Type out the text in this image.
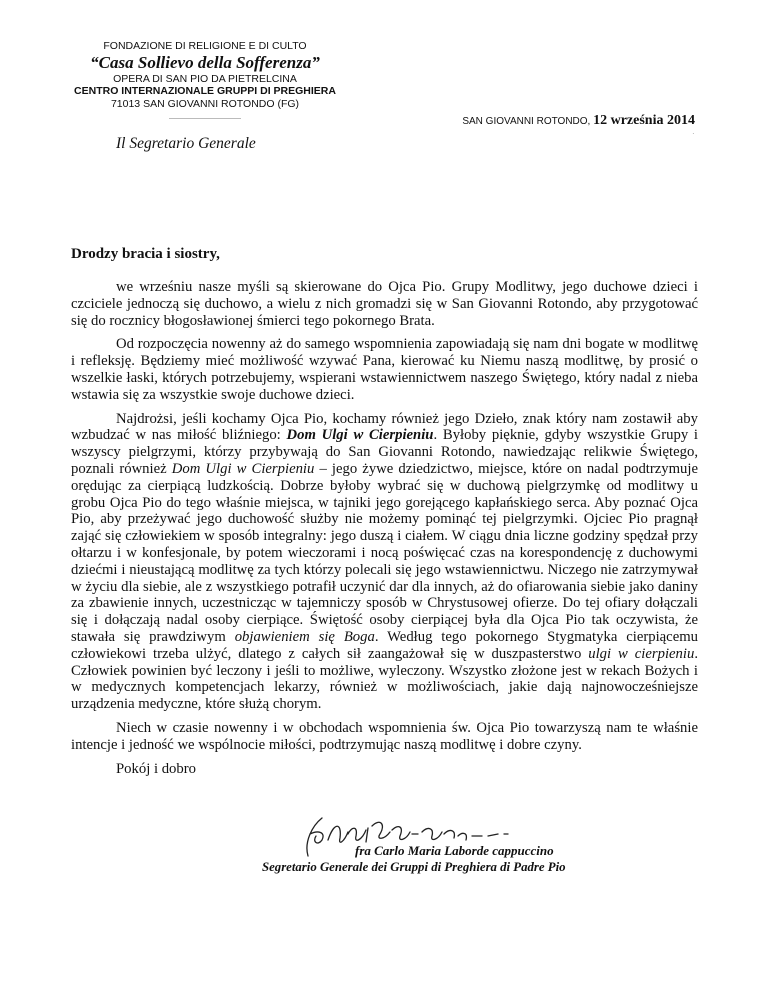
FONDAZIONE DI RELIGIONE E DI CULTO
“Casa Sollievo della Sofferenza”
OPERA DI SAN PIO DA PIETRELCINA
CENTRO INTERNAZIONALE GRUPPI DI PREGHIERA
71013 SAN GIOVANNI ROTONDO (FG)
SAN GIOVANNI ROTONDO, 12 września 2014
.
Il Segretario Generale
Drodzy bracia i siostry,

we wrześniu nasze myśli są skierowane do Ojca Pio. Grupy Modlitwy, jego duchowe dzieci i czciciele jednoczą się duchowo, a wielu z nich gromadzi się w San Giovanni Rotondo, aby przygotować się do rocznicy błogosławionej śmierci tego pokornego Brata.

Od rozpoczęcia nowenny aż do samego wspomnienia zapowiadają się nam dni bogate w modlitwę i refleksję. Będziemy mieć możliwość wzywać Pana, kierować ku Niemu naszą modlitwę, by prosić o wszelkie łaski, których potrzebujemy, wspierani wstawiennictwem naszego Świętego, który nadal z nieba wstawia się za wszystkie swoje duchowe dzieci.

Najdrożsi, jeśli kochamy Ojca Pio, kochamy również jego Dzieło, znak który nam zostawił aby wzbudzać w nas miłość bliźniego: Dom Ulgi w Cierpieniu. Byłoby pięknie, gdyby wszystkie Grupy i wszyscy pielgrzymi, którzy przybywają do San Giovanni Rotondo, nawiedzając relikwie Świętego, poznali również Dom Ulgi w Cierpieniu – jego żywe dziedzictwo, miejsce, które on nadal podtrzymuje orędując za cierpiącą ludzkością. Dobrze byłoby wybrać się w duchową pielgrzymkę od modlitwy u grobu Ojca Pio do tego właśnie miejsca, w tajniki jego gorejącego kapłańskiego serca. Aby poznać Ojca Pio, aby przeżywać jego duchowość służby nie możemy pominąć tej pielgrzymki. Ojciec Pio pragnął zająć się człowiekiem w sposób integralny: jego duszą i ciałem. W ciągu dnia liczne godziny spędzał przy ołtarzu i w konfesjonale, by potem wieczorami i nocą poświęcać czas na korespondencję z duchowymi dziećmi i nieustającą modlitwę za tych którzy polecali się jego wstawiennictwu. Niczego nie zatrzymywał w życiu dla siebie, ale z wszystkiego potrafił uczynić dar dla innych, aż do ofiarowania siebie jako daniny za zbawienie innych, uczestnicząc w tajemniczy sposób w Chrystusowej ofierze. Do tej ofiary dołączali się i dołączają nadal osoby cierpiące. Świętość osoby cierpiącej była dla Ojca Pio tak oczywista, że stawała się prawdziwym objawieniem się Boga. Według tego pokornego Stygmatyka cierpiącemu człowiekowi trzeba ulżyć, dlatego z całych sił zaangażował się w duszpasterstwo ulgi w cierpieniu. Człowiek powinien być leczony i jeśli to możliwe, wyleczony. Wszystko złożone jest w rekach Bożych i w medycznych kompetencjach lekarzy, również w możliwościach, jakie dają najnowocześniejsze urządzenia medyczne, które służą chorym.

Niech w czasie nowenny i w obchodach wspomnienia św. Ojca Pio towarzyszą nam te właśnie intencje i jedność we wspólnocie miłości, podtrzymując naszą modlitwę i dobre czyny.

Pokój i dobro

fra Carlo Maria Laborde cappuccino
Segretario Generale dei Gruppi di Preghiera di Padre Pio
